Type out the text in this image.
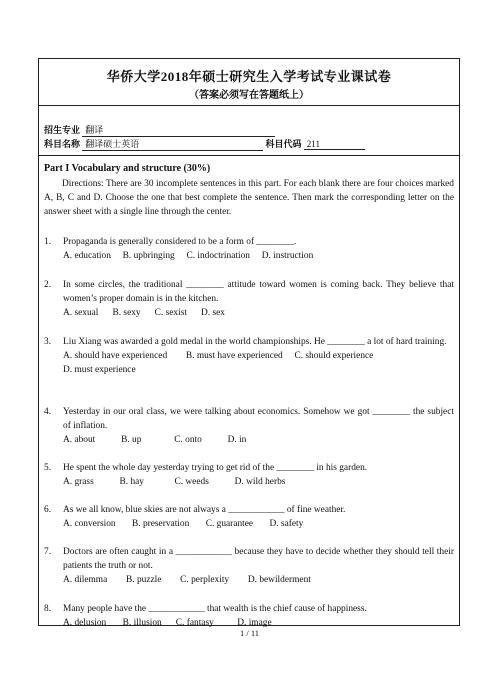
华侨大学2018年硕士研究生入学考试专业课试卷
（答案必须写在答题纸上）
招生专业 翻译
科目名称 翻译硕士英语	科目代码 211
Part I Vocabulary and structure (30%)
Directions: There are 30 incomplete sentences in this part. For each blank there are four choices marked A, B, C and D. Choose the one that best complete the sentence. Then mark the corresponding letter on the answer sheet with a single line through the center.
1. Propaganda is generally considered to be a form of ________.
A. education B. upbringing C. indoctrination D. instruction
2. In some circles, the traditional ________ attitude toward women is coming back. They believe that women’s proper domain is in the kitchen.
A. sexual B. sexy C. sexist D. sex
3. Liu Xiang was awarded a gold medal in the world championships. He ________ a lot of hard training.
A. should have experienced B. must have experienced C. should experience
D. must experience
4. Yesterday in our oral class, we were talking about economics. Somehow we got ________ the subject of inflation.
A. about	B. up	C. onto	D. in
5. He spent the whole day yesterday trying to get rid of the ________ in his garden.
A. grass	B. hay	C. weeds	D. wild herbs
6. As we all know, blue skies are not always a ____________ of fine weather.
A. conversion B. preservation C. guarantee D. safety
7. Doctors are often caught in a ____________ because they have to decide whether they should tell their patients the truth or not.
A. dilemma B. puzzle C. perplexity D. bewilderment
8. Many people have the ____________ that wealth is the chief cause of happiness.
A. delusion B. illusion C. fantasy D. image
1 / 11
